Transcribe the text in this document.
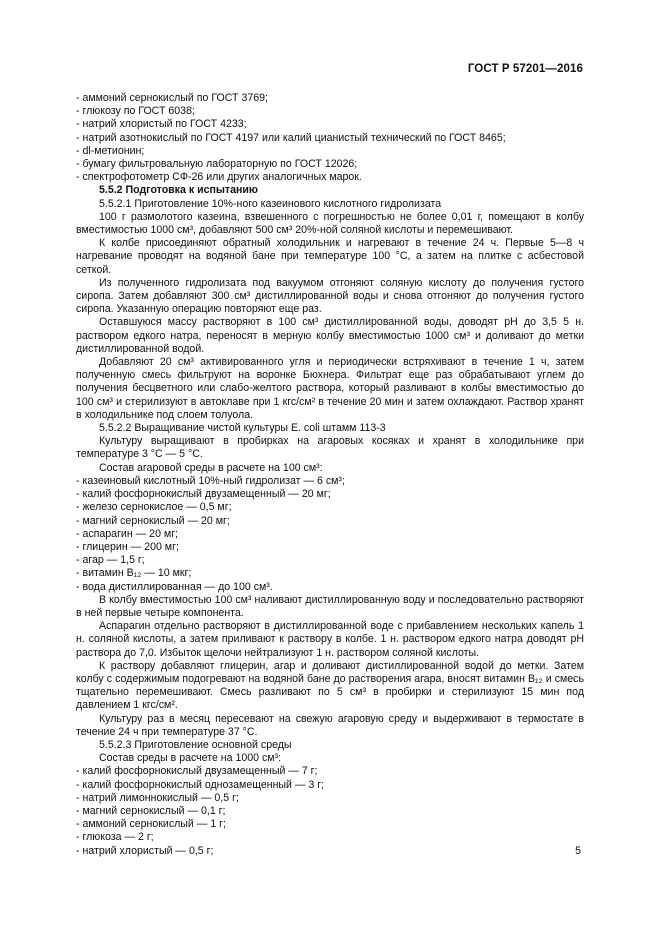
ГОСТ Р 57201—2016

- аммоний сернокислый по ГОСТ 3769;

- глюкозу по ГОСТ 6038;

- натрий хлористый по ГОСТ 4233;

- натрий азотнокислый по ГОСТ 4197 или калий цианистый технический по ГОСТ 8465;

- dl-метионин;

- бумагу фильтровальную лабораторную по ГОСТ 12026;

- спектрофотометр СФ-26 или других аналогичных марок.

5.5.2 Подготовка к испытанию

5.5.2.1 Приготовление 10%-ного казеинового кислотного гидролизата

100 г размолотого казеина, взвешенного с погрешностью не более 0,01 г, помещают в колбу вместимостью 1000 см³, добавляют 500 см³ 20%-ной соляной кислоты и перемешивают.

К колбе присоединяют обратный холодильник и нагревают в течение 24 ч. Первые 5—8 ч нагревание проводят на водяной бане при температуре 100 °С, а затем на плитке с асбестовой сеткой.

Из полученного гидролизата под вакуумом отгоняют соляную кислоту до получения густого сиропа. Затем добавляют 300 см³ дистиллированной воды и снова отгоняют до получения густого сиропа. Указанную операцию повторяют еще раз.

Оставшуюся массу растворяют в 100 см³ дистиллированной воды, доводят pH до 3,5 5 н. раствором едкого натра, переносят в мерную колбу вместимостью 1000 см³ и доливают до метки дистиллированной водой.

Добавляют 20 см³ активированного угля и периодически встряхивают в течение 1 ч, затем полученную смесь фильтруют на воронке Бюхнера. Фильтрат еще раз обрабатывают углем до получения бесцветного или слабо-желтого раствора, который разливают в колбы вместимостью до 100 см³ и стерилизуют в автоклаве при 1 кгс/см² в течение 20 мин и затем охлаждают. Раствор хранят в холодильнике под слоем толуола.

5.5.2.2 Выращивание чистой культуры E. coli штамм 113-3

Культуру выращивают в пробирках на агаровых косяках и хранят в холодильнике при температуре 3 °С — 5 °С.

Состав агаровой среды в расчете на 100 см³:

- казеиновый кислотный 10%-ный гидролизат — 6 см³;

- калий фосфорнокислый двузамещенный — 20 мг;

- железо сернокислое — 0,5 мг;

- магний сернокислый — 20 мг;

- аспарагин — 20 мг;

- глицерин — 200 мг;

- агар — 1,5 г;

- витамин B₁₂ — 10 мкг;

- вода дистиллированная — до 100 см³.

В колбу вместимостью 100 см³ наливают дистиллированную воду и последовательно растворяют в ней первые четыре компонента.

Аспарагин отдельно растворяют в дистиллированной воде с прибавлением нескольких капель 1 н. соляной кислоты, а затем приливают к раствору в колбе. 1 н. раствором едкого натра доводят pH раствора до 7,0. Избыток щелочи нейтрализуют 1 н. раствором соляной кислоты.

К раствору добавляют глицерин, агар и доливают дистиллированной водой до метки. Затем колбу с содержимым подогревают на водяной бане до растворения агара, вносят витамин B₁₂ и смесь тщательно перемешивают. Смесь разливают по 5 см³ в пробирки и стерилизуют 15 мин под давлением 1 кгс/см².

Культуру раз в месяц пересевают на свежую агаровую среду и выдерживают в термостате в течение 24 ч при температуре 37 °С.

5.5.2.3 Приготовление основной среды

Состав среды в расчете на 1000 см³:

- калий фосфорнокислый двузамещенный — 7 г;

- калий фосфорнокислый однозамещенный — 3 г;

- натрий лимоннокислый — 0,5 г;

- магний сернокислый — 0,1 г;

- аммоний сернокислый — 1 г;

- глюкоза — 2 г;

- натрий хлористый — 0,5 г;	5
